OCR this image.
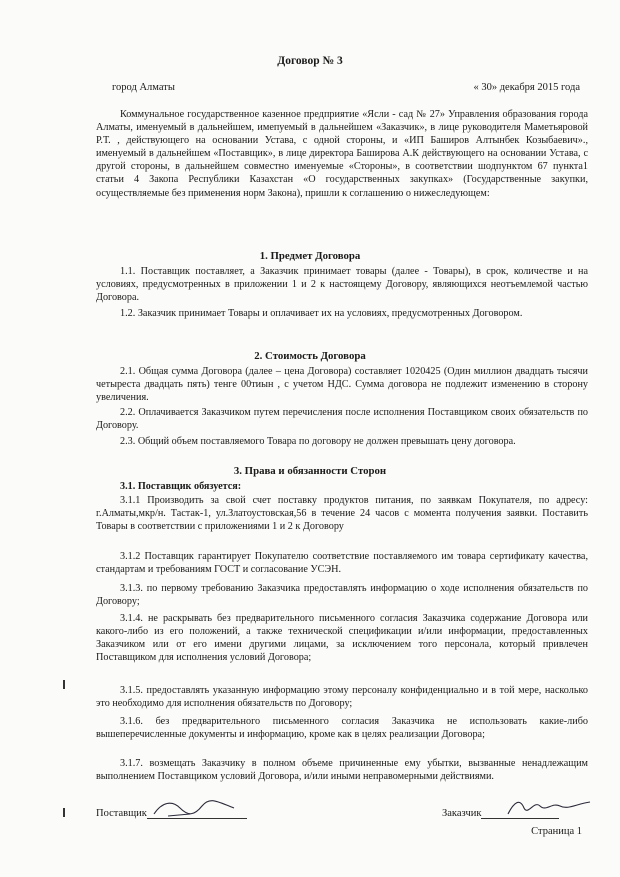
Договор № 3
город Алматы	« 30» декабря 2015 года
Коммунальное государственное казенное предприятие «Ясли - сад № 27» Управления образования города Алматы, именуемый в дальнейшем, имепуемый в дальнейшем «Заказчик», в лице руководителя Маметьяровой Р.Т. , действующего на основании Устава, с одной стороны, и «ИП Баширов Алтынбек Козыбаевич»., именуемый в дальнейшем «Поставщик», в лице директора Баширова А.К действующего на основании Устава, с другой стороны, в дальнейшем совместно именуемые «Стороны», в соответствии шодпунктом 67 пункта1 статьи 4 Закопа Республики Казахстан «О государственных закупках» (Государственные закупки, осуществляемые без применения норм Закона), пришли к соглашению о нижеследующем:
1. Предмет Договора
1.1. Поставщик поставляет, а Заказчик принимает товары (далее - Товары), в срок, количестве и на условиях, предусмотренных в приложении 1 и 2 к настоящему Договору, являющихся неотъемлемой частью Договора.
1.2. Заказчик принимает Товары и оплачивает их на условиях, предусмотренных Договором.
2. Стоимость Договора
2.1. Общая сумма Договора (далее – цена Договора) составляет 1020425 (Один миллион двадцать тысячи четыреста двадцать пять) тенге 00тиын , с учетом НДС. Сумма договора не подлежит изменению в сторону увеличения.
2.2. Оплачивается Заказчиком путем перечисления после исполнения Поставщиком своих обязательств по Договору.
2.3. Общий объем поставляемого Товара по договору не должен превышать цену договора.
3. Права и обязанности Сторон
3.1. Поставщик обязуется:
3.1.1 Производить за свой счет поставку продуктов питания, по заявкам Покупателя, по адресу: г.Алматы,мкр/н. Тастак-1, ул.Златоустовская,56 в течение 24 часов с момента получения заявки. Поставить Товары в соответствии с приложениями 1 и 2 к Договору
3.1.2 Поставщик гарантирует Покупателю соответствие поставляемого им товара сертификату качества, стандартам и требованиям ГОСТ и согласование УСЭН.
3.1.3. по первому требованию Заказчика предоставлять информацию о ходе исполнения обязательств по Договору;
3.1.4. не раскрывать без предварительного письменного согласия Заказчика содержание Договора или какого-либо из его положений, а также технической спецификации и/или информации, предоставленных Заказчиком или от его имени другими лицами, за исключением того персонала, который привлечен Поставщиком для исполнения условий Договора;
3.1.5. предоставлять указанную информацию этому персоналу конфиденциально и в той мере, насколько это необходимо для исполнения обязательств по Договору;
3.1.6. без предварительного письменного согласия Заказчика не использовать какие-либо вышеперечисленные документы и информацию, кроме как в целях реализации Договора;
3.1.7. возмещать Заказчику в полном объеме причиненные ему убытки, вызванные ненадлежащим выполнением Поставщиком условий Договора, и/или иными неправомерными действиями.
Поставщик	Заказчик
Страница 1
